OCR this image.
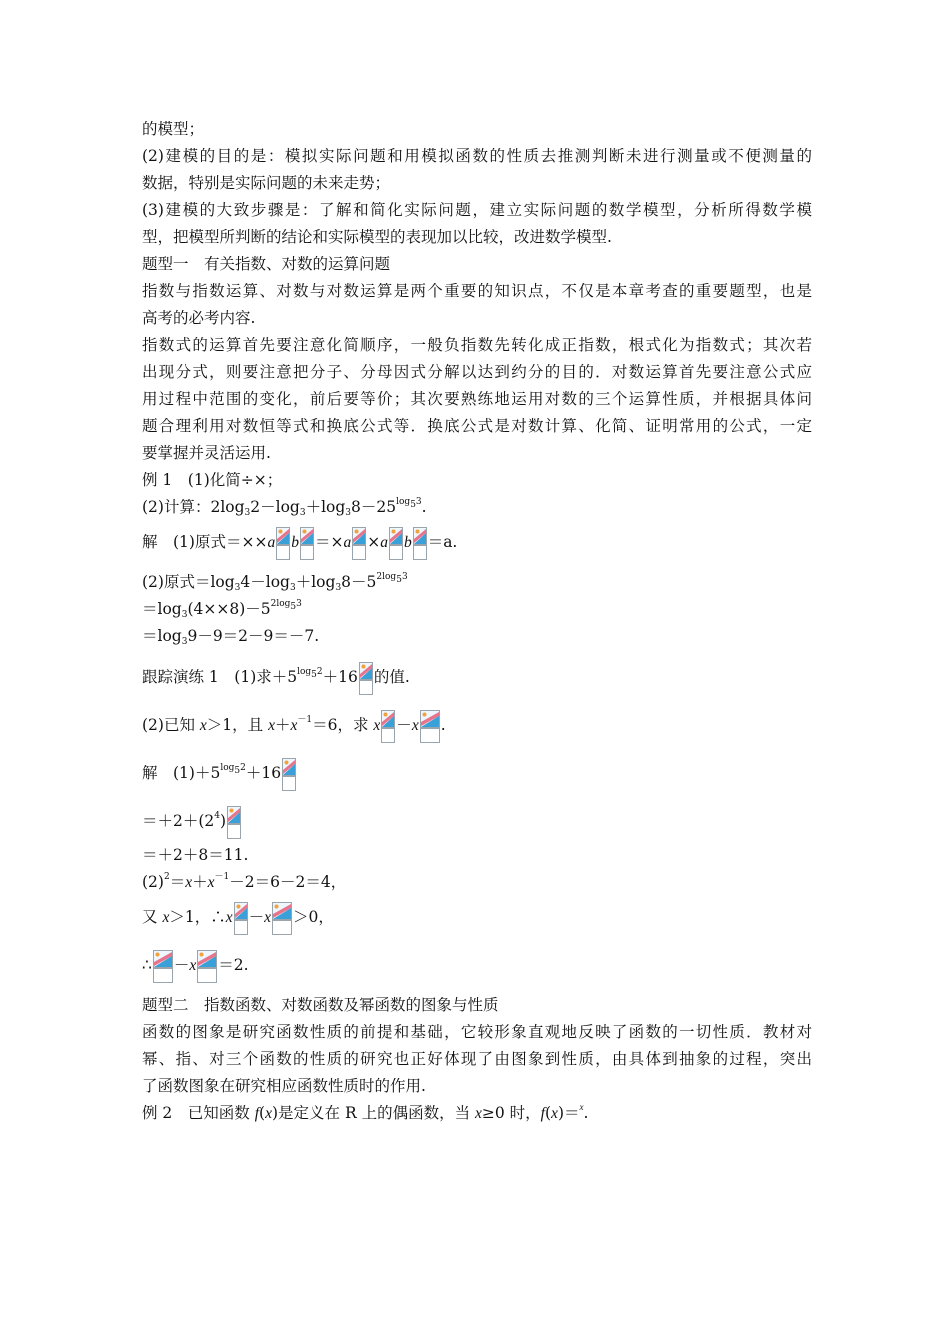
的模型；
(2)建模的目的是：模拟实际问题和用模拟函数的性质去推测判断未进行测量或不便测量的
数据，特别是实际问题的未来走势；
(3)建模的大致步骤是：了解和简化实际问题，建立实际问题的数学模型，分析所得数学模
型，把模型所判断的结论和实际模型的表现加以比较，改进数学模型.
题型一　有关指数、对数的运算问题
指数与指数运算、对数与对数运算是两个重要的知识点，不仅是本章考查的重要题型，也是
高考的必考内容.
指数式的运算首先要注意化简顺序，一般负指数先转化成正指数，根式化为指数式；其次若
出现分式，则要注意把分子、分母因式分解以达到约分的目的．对数运算首先要注意公式应
用过程中范围的变化，前后要等价；其次要熟练地运用对数的三个运算性质，并根据具体问
题合理利用对数恒等式和换底公式等．换底公式是对数计算、化简、证明常用的公式，一定
要掌握并灵活运用.
例 1　(1)化简÷×；
(2)计算：$2\log_32-\log_3+\log_38-25^{log_53}$.
解　(1)原式＝××a b ＝×a ×a b ＝a.
(2)原式$=\log_34-\log_3+\log_38-5^{2log_53}$
$=\log_3(4\times\times 8)-5^{2log_53}$
$=\log_39-9=2-9=-7$.
跟踪演练 1　(1)求$+5^{log_52}+16$ 的值.
(2)已知 x＞1，且 $x+x^{-1}=6$，求 x －x .
解　$(1)+5^{log_52}+16$
$=+2+(2^4)$
＝＋2＋8＝11.
$(2)^2=x+x^{-1}-2=6-2=4$，
又 x＞1，∴x －x ＞0，
∴ －x ＝2.
题型二　指数函数、对数函数及幂函数的图象与性质
函数的图象是研究函数性质的前提和基础，它较形象直观地反映了函数的一切性质．教材对
幂、指、对三个函数的性质的研究也正好体现了由图象到性质，由具体到抽象的过程，突出
了函数图象在研究相应函数性质时的作用.
例 2　已知函数 f(x)是定义在 R 上的偶函数，当 x≥0 时，f(x)＝$^x$.
